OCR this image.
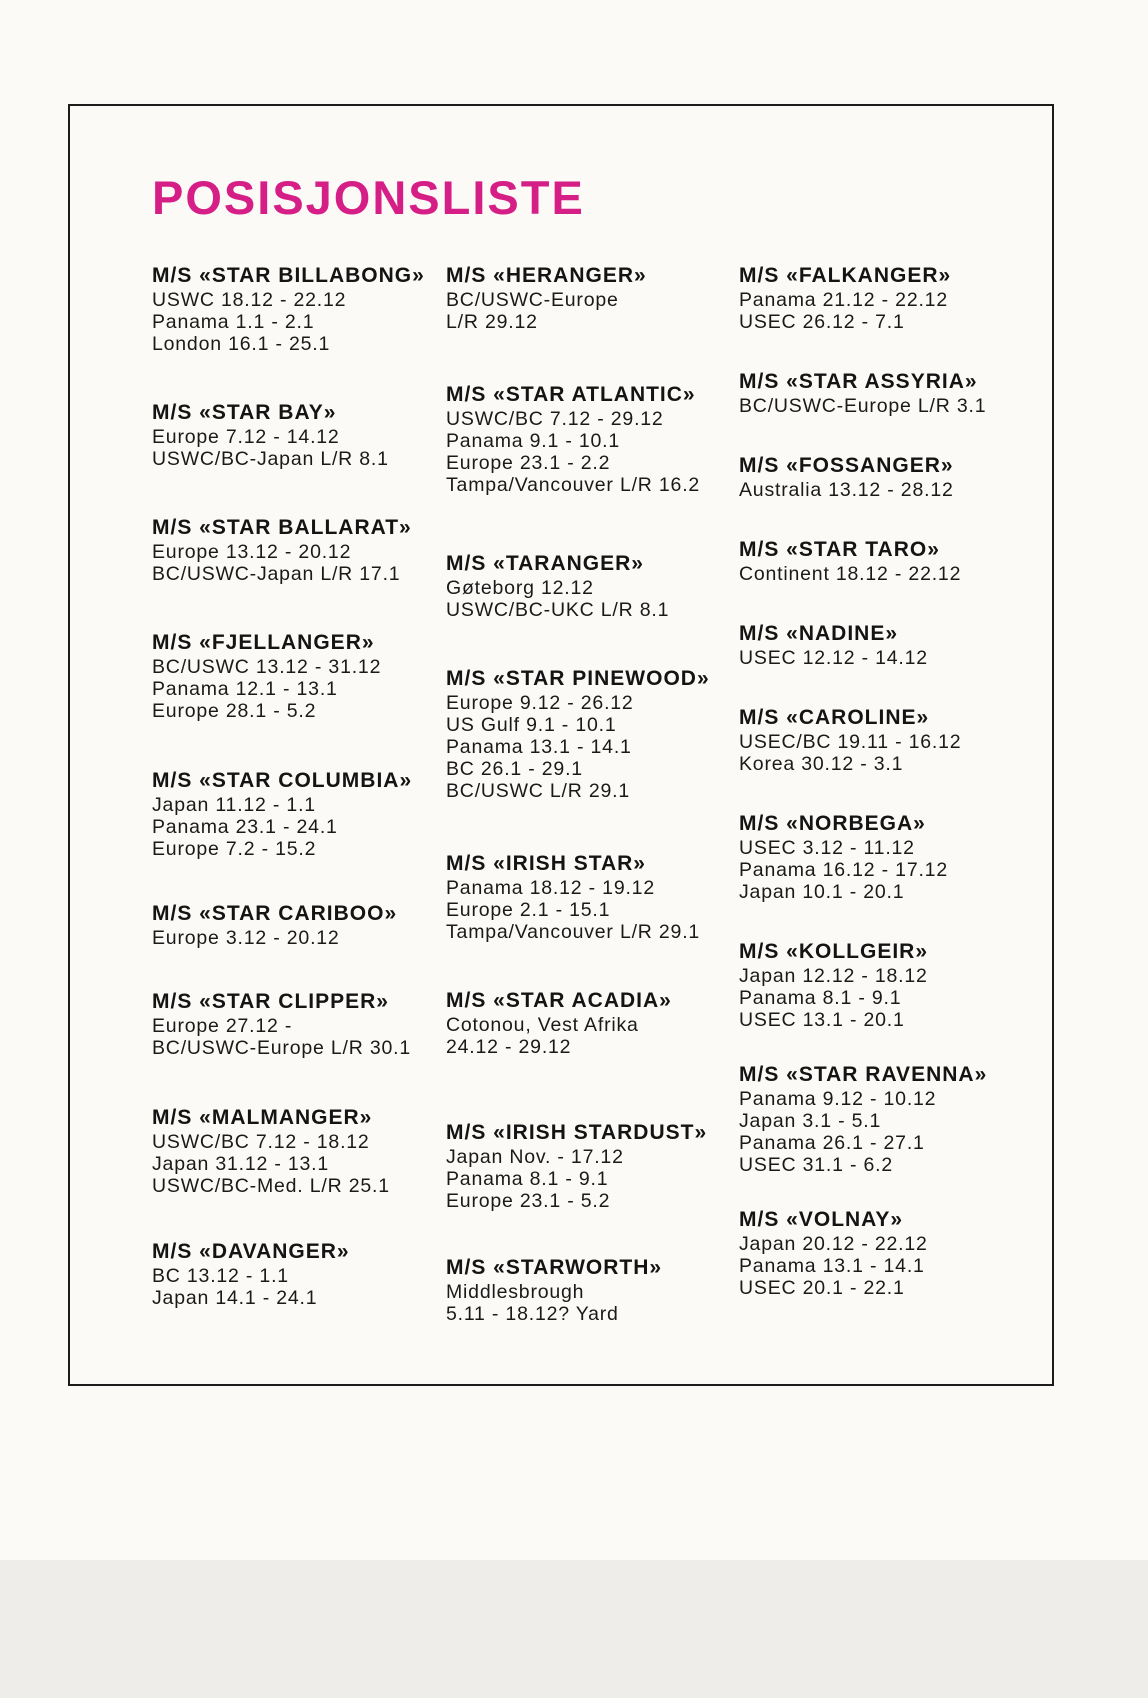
POSISJONSLISTE
M/S «STAR BILLABONG»
USWC 18.12 - 22.12
Panama 1.1 - 2.1
London 16.1 - 25.1
M/S «STAR BAY»
Europe 7.12 - 14.12
USWC/BC-Japan L/R 8.1
M/S «STAR BALLARAT»
Europe 13.12 - 20.12
BC/USWC-Japan L/R 17.1
M/S «FJELLANGER»
BC/USWC 13.12 - 31.12
Panama 12.1 - 13.1
Europe 28.1 - 5.2
M/S «STAR COLUMBIA»
Japan 11.12 - 1.1
Panama 23.1 - 24.1
Europe 7.2 - 15.2
M/S «STAR CARIBOO»
Europe 3.12 - 20.12
M/S «STAR CLIPPER»
Europe 27.12 -
BC/USWC-Europe L/R 30.1
M/S «MALMANGER»
USWC/BC 7.12 - 18.12
Japan 31.12 - 13.1
USWC/BC-Med. L/R 25.1
M/S «DAVANGER»
BC 13.12 - 1.1
Japan 14.1 - 24.1
M/S «HERANGER»
BC/USWC-Europe
L/R 29.12
M/S «STAR ATLANTIC»
USWC/BC 7.12 - 29.12
Panama 9.1 - 10.1
Europe 23.1 - 2.2
Tampa/Vancouver L/R 16.2
M/S «TARANGER»
Gøteborg 12.12
USWC/BC-UKC L/R 8.1
M/S «STAR PINEWOOD»
Europe 9.12 - 26.12
US Gulf 9.1 - 10.1
Panama 13.1 - 14.1
BC 26.1 - 29.1
BC/USWC L/R 29.1
M/S «IRISH STAR»
Panama 18.12 - 19.12
Europe 2.1 - 15.1
Tampa/Vancouver L/R 29.1
M/S «STAR ACADIA»
Cotonou, Vest Afrika
24.12 - 29.12
M/S «IRISH STARDUST»
Japan Nov. - 17.12
Panama 8.1 - 9.1
Europe 23.1 - 5.2
M/S «STARWORTH»
Middlesbrough
5.11 - 18.12? Yard
M/S «FALKANGER»
Panama 21.12 - 22.12
USEC 26.12 - 7.1
M/S «STAR ASSYRIA»
BC/USWC-Europe L/R 3.1
M/S «FOSSANGER»
Australia 13.12 - 28.12
M/S «STAR TARO»
Continent 18.12 - 22.12
M/S «NADINE»
USEC 12.12 - 14.12
M/S «CAROLINE»
USEC/BC 19.11 - 16.12
Korea 30.12 - 3.1
M/S «NORBEGA»
USEC 3.12 - 11.12
Panama 16.12 - 17.12
Japan 10.1 - 20.1
M/S «KOLLGEIR»
Japan 12.12 - 18.12
Panama 8.1 - 9.1
USEC 13.1 - 20.1
M/S «STAR RAVENNA»
Panama 9.12 - 10.12
Japan 3.1 - 5.1
Panama 26.1 - 27.1
USEC 31.1 - 6.2
M/S «VOLNAY»
Japan 20.12 - 22.12
Panama 13.1 - 14.1
USEC 20.1 - 22.1
